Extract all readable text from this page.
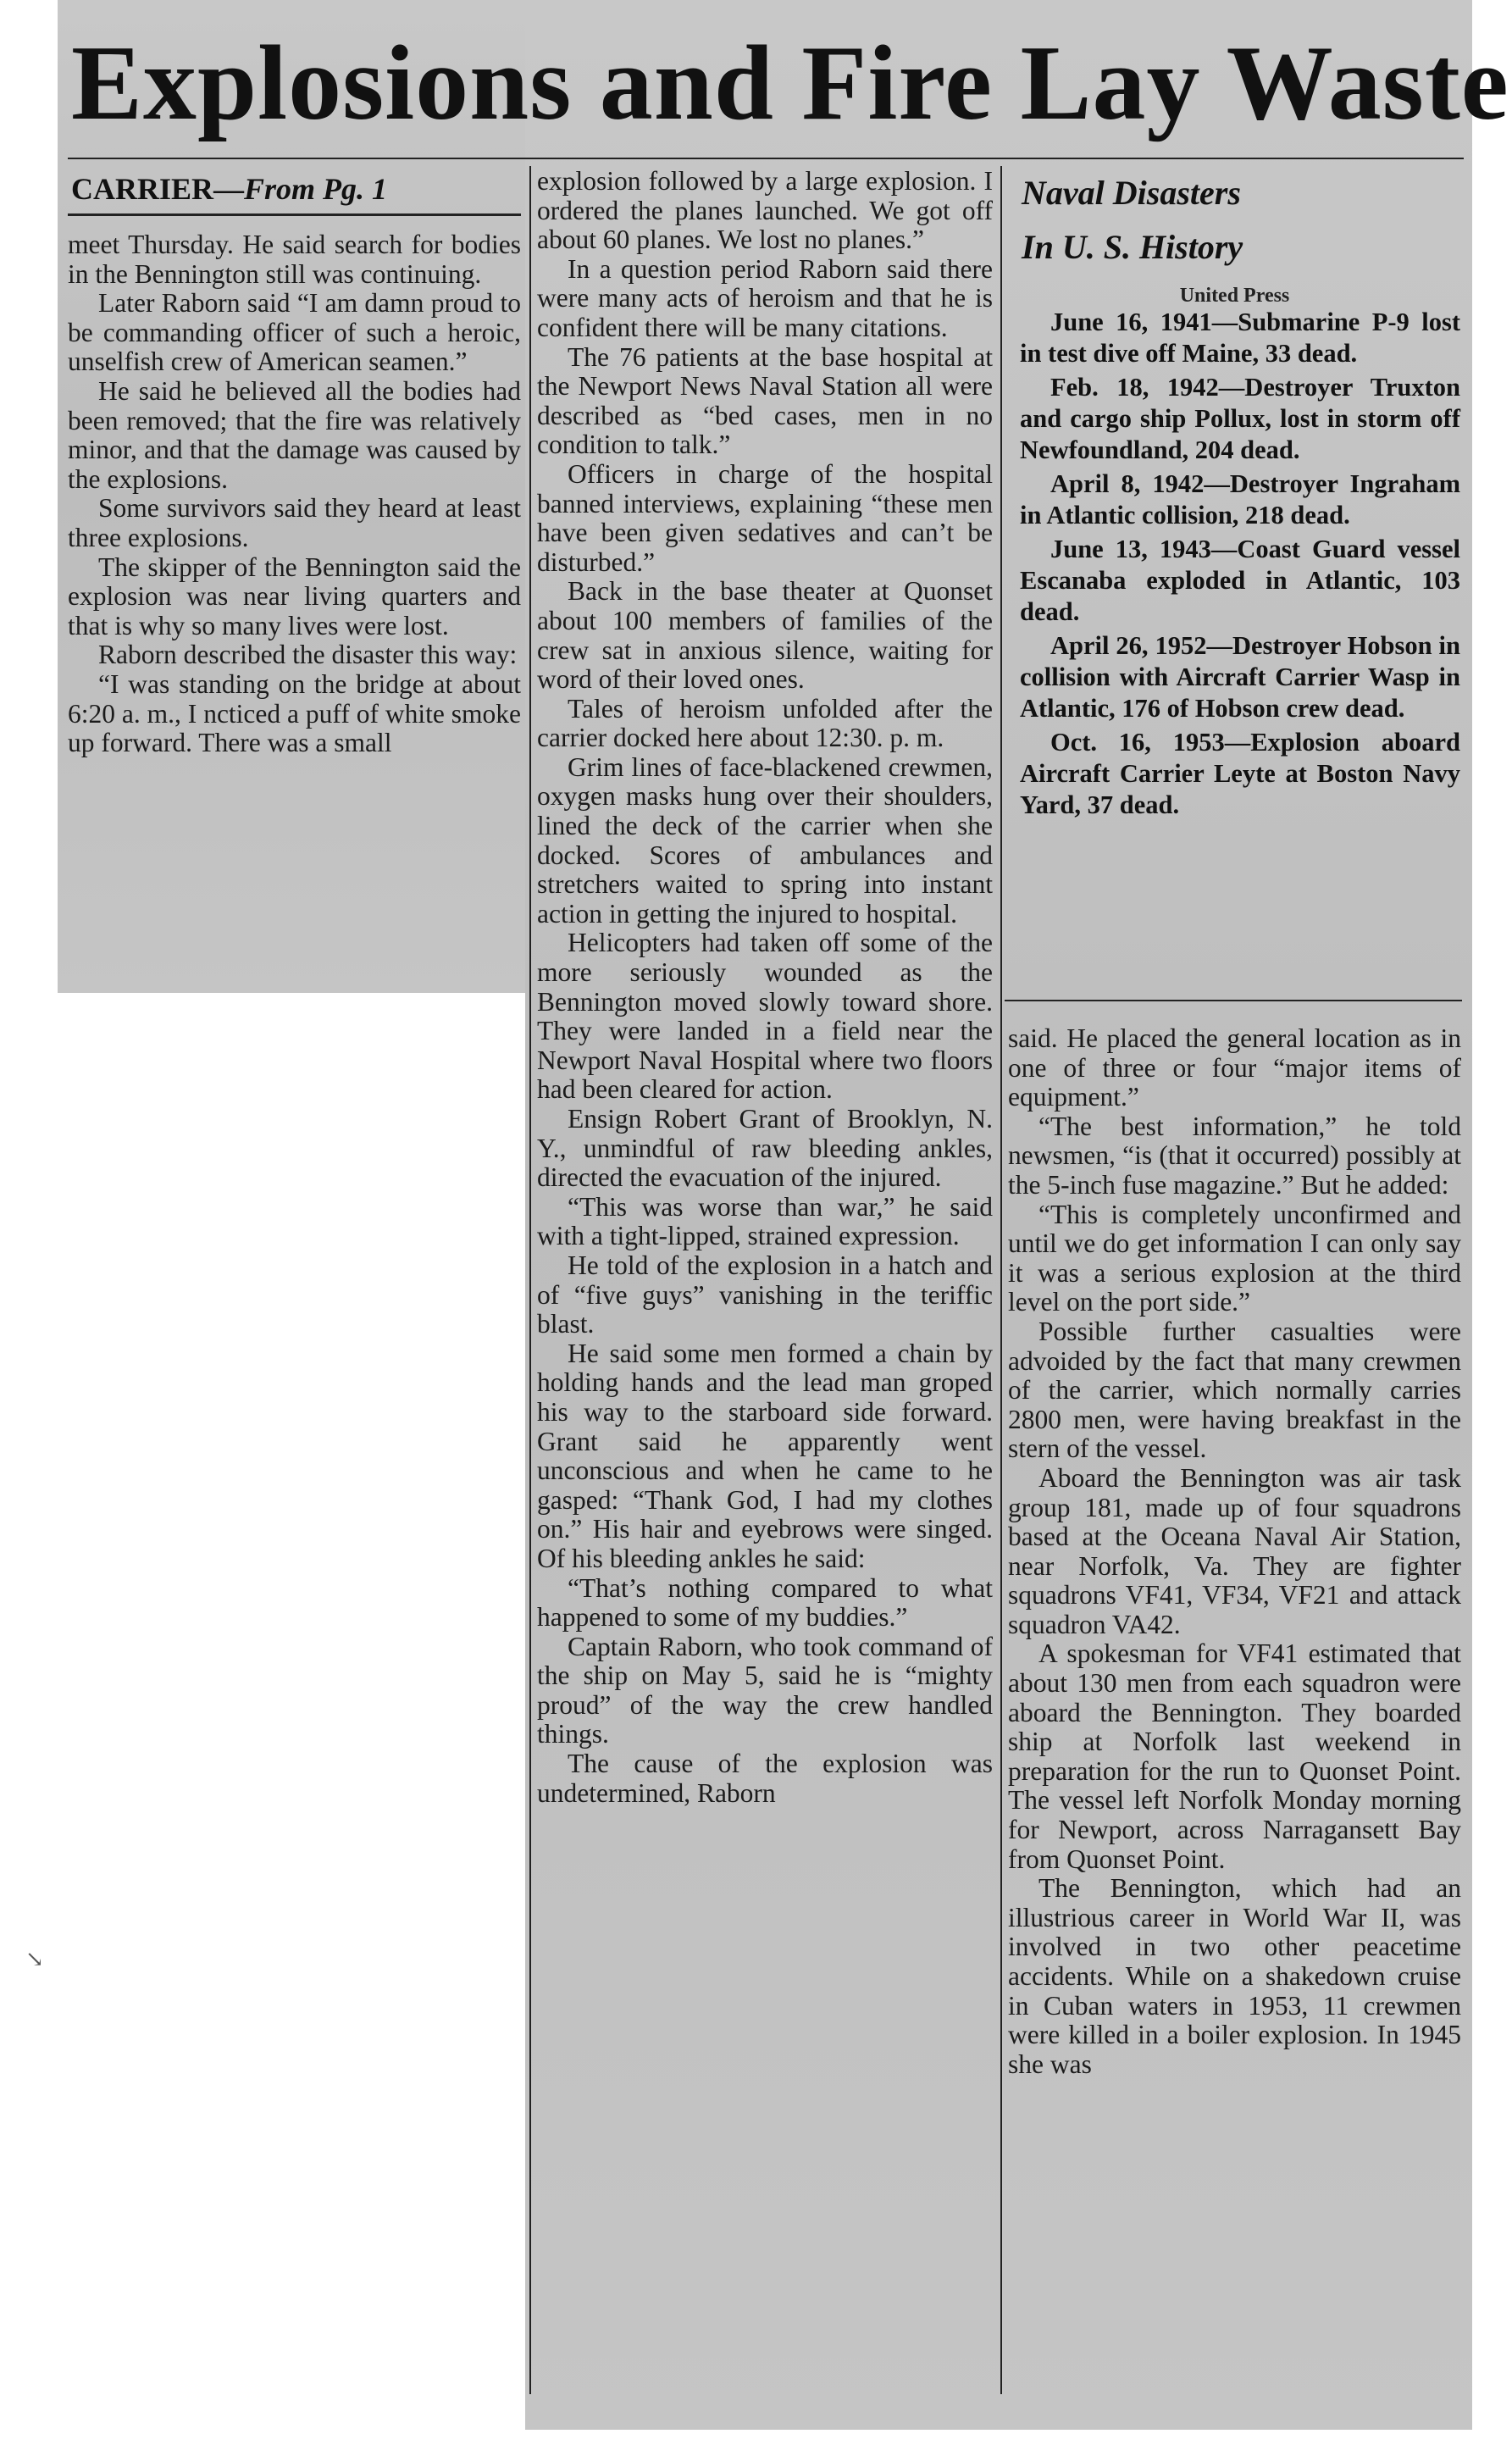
Explosions and Fire Lay Waste
CARRIER—From Pg. 1

meet Thursday. He said search for bodies in the Bennington still was continuing.

Later Raborn said “I am damn proud to be commanding officer of such a heroic, unselfish crew of American seamen.”

He said he believed all the bodies had been removed; that the fire was relatively minor, and that the damage was caused by the explosions.

Some survivors said they heard at least three explosions.

The skipper of the Bennington said the explosion was near living quarters and that is why so many lives were lost.

Raborn described the disaster this way:

“I was standing on the bridge at about 6:20 a. m., I ncticed a puff of white smoke up forward. There was a small

explosion followed by a large explosion. I ordered the planes launched. We got off about 60 planes. We lost no planes.”

In a question period Raborn said there were many acts of heroism and that he is confident there will be many citations.

The 76 patients at the base hospital at the Newport News Naval Station all were described as “bed cases, men in no condition to talk.”

Officers in charge of the hospital banned interviews, explaining “these men have been given sedatives and can’t be disturbed.”

Back in the base theater at Quonset about 100 members of families of the crew sat in anxious silence, waiting for word of their loved ones.

Tales of heroism unfolded after the carrier docked here about 12:30. p. m.

Grim lines of face-blackened crewmen, oxygen masks hung over their shoulders, lined the deck of the carrier when she docked. Scores of ambulances and stretchers waited to spring into instant action in getting the injured to hospital.

Helicopters had taken off some of the more seriously wounded as the Bennington moved slowly toward shore. They were landed in a field near the Newport Naval Hospital where two floors had been cleared for action.

Ensign Robert Grant of Brooklyn, N. Y., unmindful of raw bleeding ankles, directed the evacuation of the injured.

“This was worse than war,” he said with a tight-lipped, strained expression.

He told of the explosion in a hatch and of “five guys” vanishing in the teriffic blast.

He said some men formed a chain by holding hands and the lead man groped his way to the starboard side forward. Grant said he apparently went unconscious and when he came to he gasped: “Thank God, I had my clothes on.” His hair and eyebrows were singed. Of his bleeding ankles he said:

“That’s nothing compared to what happened to some of my buddies.”

Captain Raborn, who took command of the ship on May 5, said he is “mighty proud” of the way the crew handled things.

The cause of the explosion was undetermined, Raborn

Naval Disasters
In U. S. History
United Press

June 16, 1941—Submarine P-9 lost in test dive off Maine, 33 dead.

Feb. 18, 1942—Destroyer Truxton and cargo ship Pollux, lost in storm off Newfoundland, 204 dead.

April 8, 1942—Destroyer Ingraham in Atlantic collision, 218 dead.

June 13, 1943—Coast Guard vessel Escanaba exploded in Atlantic, 103 dead.

April 26, 1952—Destroyer Hobson in collision with Aircraft Carrier Wasp in Atlantic, 176 of Hobson crew dead.

Oct. 16, 1953—Explosion aboard Aircraft Carrier Leyte at Boston Navy Yard, 37 dead.

said. He placed the general location as in one of three or four “major items of equipment.”

“The best information,” he told newsmen, “is (that it occurred) possibly at the 5-inch fuse magazine.” But he added:

“This is completely unconfirmed and until we do get information I can only say it was a serious explosion at the third level on the port side.”

Possible further casualties were advoided by the fact that many crewmen of the carrier, which normally carries 2800 men, were having breakfast in the stern of the vessel.

Aboard the Bennington was air task group 181, made up of four squadrons based at the Oceana Naval Air Station, near Norfolk, Va. They are fighter squadrons VF41, VF34, VF21 and attack squadron VA42.

A spokesman for VF41 estimated that about 130 men from each squadron were aboard the Bennington. They boarded ship at Norfolk last weekend in preparation for the run to Quonset Point. The vessel left Norfolk Monday morning for Newport, across Narragansett Bay from Quonset Point.

The Bennington, which had an illustrious career in World War II, was involved in two other peacetime accidents. While on a shakedown cruise in Cuban waters in 1953, 11 crewmen were killed in a boiler explosion. In 1945 she was

↘
